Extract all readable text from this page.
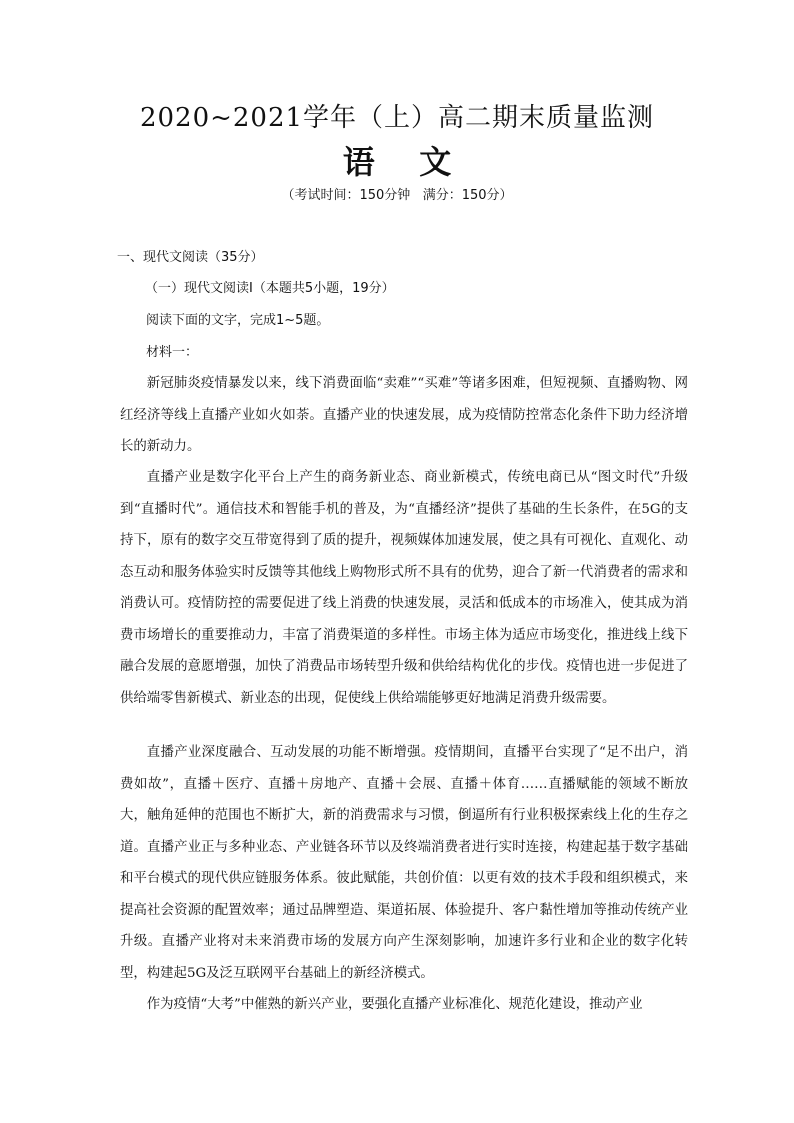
2020~2021学年（上）高二期末质量监测
语    文
（考试时间：150分钟   满分：150分）
一、现代文阅读（35分）
（一）现代文阅读Ⅰ（本题共5小题，19分）
阅读下面的文字，完成1~5题。
材料一：

新冠肺炎疫情暴发以来，线下消费面临“卖难”“买难”等诸多困难，但短视频、直播购物、网红经济等线上直播产业如火如荼。直播产业的快速发展，成为疫情防控常态化条件下助力经济增长的新动力。

直播产业是数字化平台上产生的商务新业态、商业新模式，传统电商已从“图文时代”升级到“直播时代”。通信技术和智能手机的普及，为“直播经济”提供了基础的生长条件，在5G的支持下，原有的数字交互带宽得到了质的提升，视频媒体加速发展，使之具有可视化、直观化、动态互动和服务体验实时反馈等其他线上购物形式所不具有的优势，迎合了新一代消费者的需求和消费认可。疫情防控的需要促进了线上消费的快速发展，灵活和低成本的市场准入，使其成为消费市场增长的重要推动力，丰富了消费渠道的多样性。市场主体为适应市场变化，推进线上线下融合发展的意愿增强，加快了消费品市场转型升级和供给结构优化的步伐。疫情也进一步促进了供给端零售新模式、新业态的出现，促使线上供给端能够更好地满足消费升级需要。

直播产业深度融合、互动发展的功能不断增强。疫情期间，直播平台实现了“足不出户，消费如故”，直播＋医疗、直播＋房地产、直播＋会展、直播＋体育……直播赋能的领域不断放大，触角延伸的范围也不断扩大，新的消费需求与习惯，倒逼所有行业积极探索线上化的生存之道。直播产业正与多种业态、产业链各环节以及终端消费者进行实时连接，构建起基于数字基础和平台模式的现代供应链服务体系。彼此赋能，共创价值：以更有效的技术手段和组织模式，来提高社会资源的配置效率；通过品牌塑造、渠道拓展、体验提升、客户黏性增加等推动传统产业升级。直播产业将对未来消费市场的发展方向产生深刻影响，加速许多行业和企业的数字化转型，构建起5G及泛互联网平台基础上的新经济模式。

作为疫情“大考”中催熟的新兴产业，要强化直播产业标准化、规范化建设，推动产业
